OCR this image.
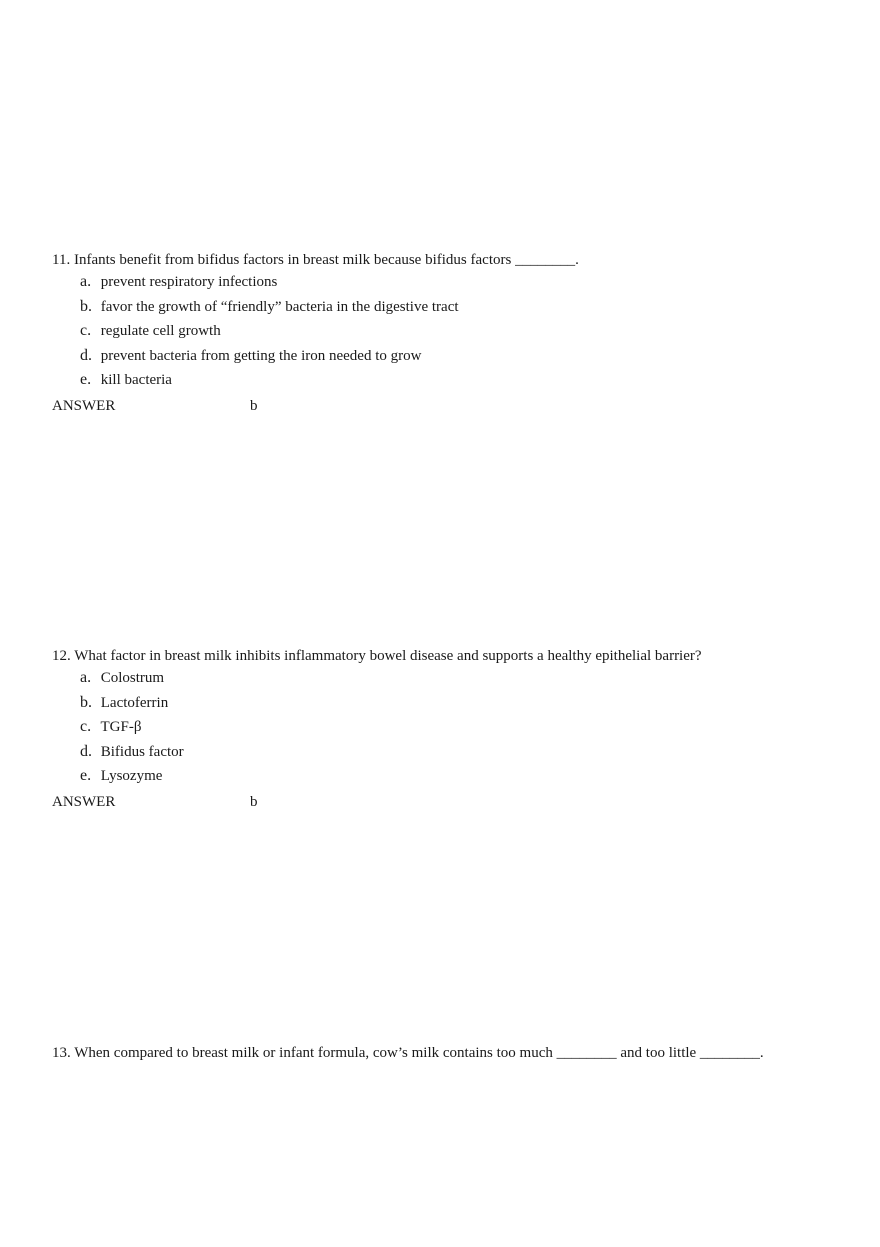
11. Infants benefit from bifidus factors in breast milk because bifidus factors ________.
a. prevent respiratory infections
b. favor the growth of “friendly” bacteria in the digestive tract
c. regulate cell growth
d. prevent bacteria from getting the iron needed to grow
e. kill bacteria
ANSWER	b
12. What factor in breast milk inhibits inflammatory bowel disease and supports a healthy epithelial barrier?
a. Colostrum
b. Lactoferrin
c. TGF-β
d. Bifidus factor
e. Lysozyme
ANSWER	b
13. When compared to breast milk or infant formula, cow’s milk contains too much ________ and too little ________.
